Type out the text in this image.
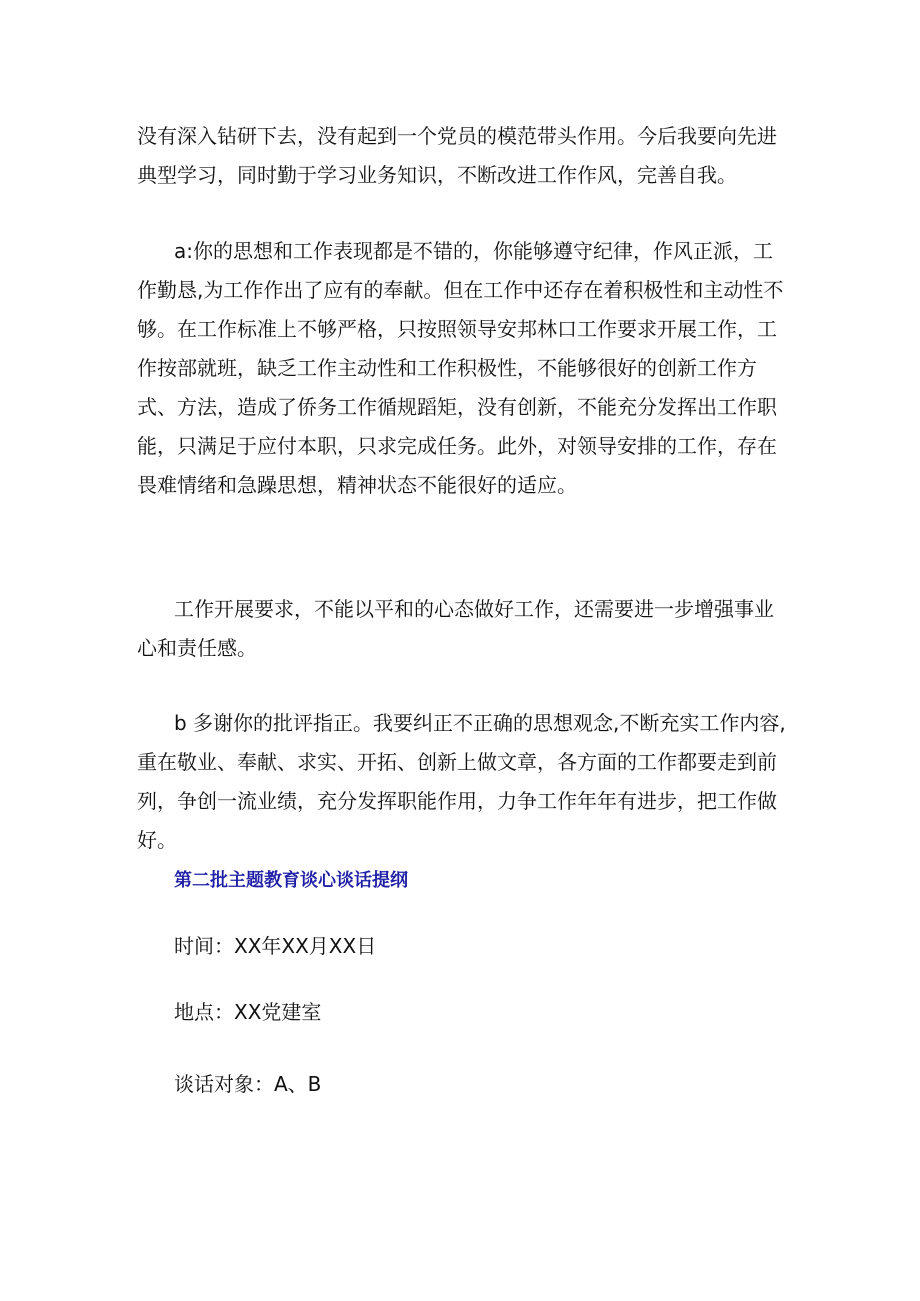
没有深入钻研下去，没有起到一个党员的模范带头作用。今后我要向先进典型学习，同时勤于学习业务知识，不断改进工作作风，完善自我。

a:你的思想和工作表现都是不错的，你能够遵守纪律，作风正派，工作勤恳,为工作作出了应有的奉献。但在工作中还存在着积极性和主动性不够。在工作标准上不够严格，只按照领导安邦林口工作要求开展工作，工作按部就班，缺乏工作主动性和工作积极性，不能够很好的创新工作方式、方法，造成了侨务工作循规蹈矩，没有创新，不能充分发挥出工作职能，只满足于应付本职，只求完成任务。此外，对领导安排的工作，存在畏难情绪和急躁思想，精神状态不能很好的适应。

工作开展要求，不能以平和的心态做好工作，还需要进一步增强事业心和责任感。

b 多谢你的批评指正。我要纠正不正确的思想观念,不断充实工作内容,重在敬业、奉献、求实、开拓、创新上做文章，各方面的工作都要走到前列，争创一流业绩，充分发挥职能作用，力争工作年年有进步，把工作做好。

第二批主题教育谈心谈话提纲

时间：XX年XX月XX日

地点：XX党建室

谈话对象：A、B
